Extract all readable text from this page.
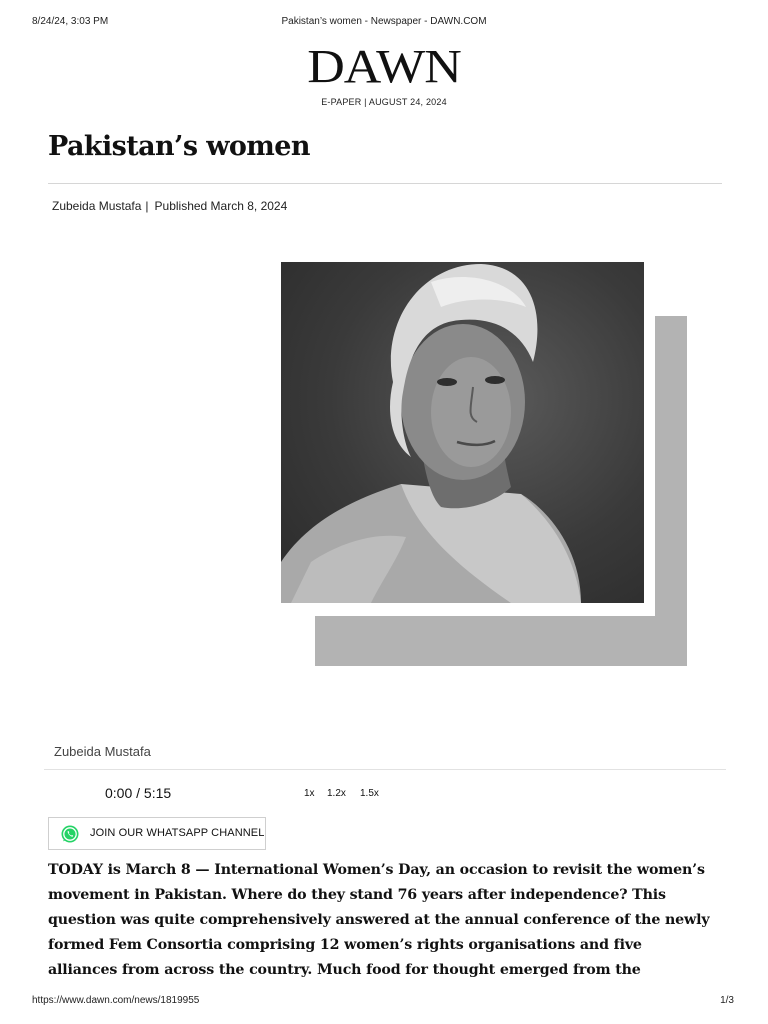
8/24/24, 3:03 PM	Pakistan’s women - Newspaper - DAWN.COM
DAWN
E-PAPER | AUGUST 24, 2024
Pakistan’s women
Zubeida Mustafa | Published March 8, 2024
Zubeida Mustafa
0:00 / 5:15	1x 1.2x 1.5x
JOIN OUR WHATSAPP CHANNEL
TODAY is March 8 — International Women’s Day, an occasion to revisit the women’s
movement in Pakistan. Where do they stand 76 years after independence? This
question was quite comprehensively answered at the annual conference of the newly
formed Fem Consortia comprising 12 women’s rights organisations and five
alliances from across the country. Much food for thought emerged from the
https://www.dawn.com/news/1819955	1/3
